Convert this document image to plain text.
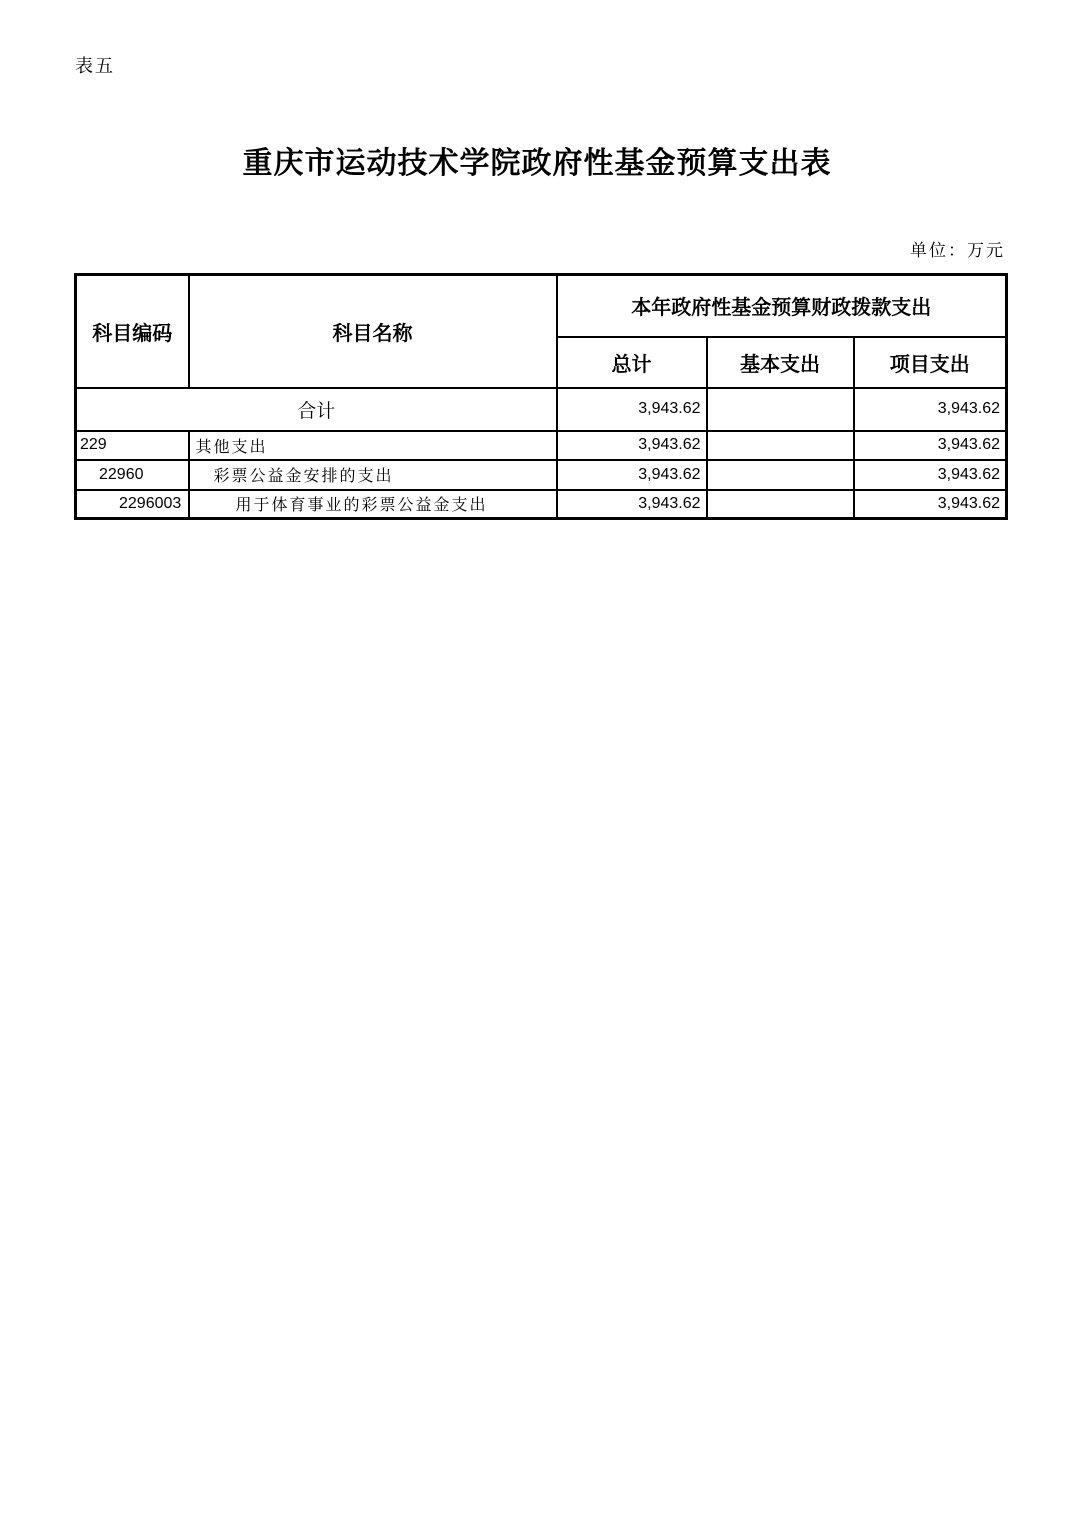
表五
重庆市运动技术学院政府性基金预算支出表
单位：万元
科目编码	科目名称	本年政府性基金预算财政拨款支出		
		总计	基本支出	项目支出
合计		3,943.62		3,943.62
229	其他支出	3,943.62		3,943.62
22960	彩票公益金安排的支出	3,943.62		3,943.62
2296003	用于体育事业的彩票公益金支出	3,943.62		3,943.62
